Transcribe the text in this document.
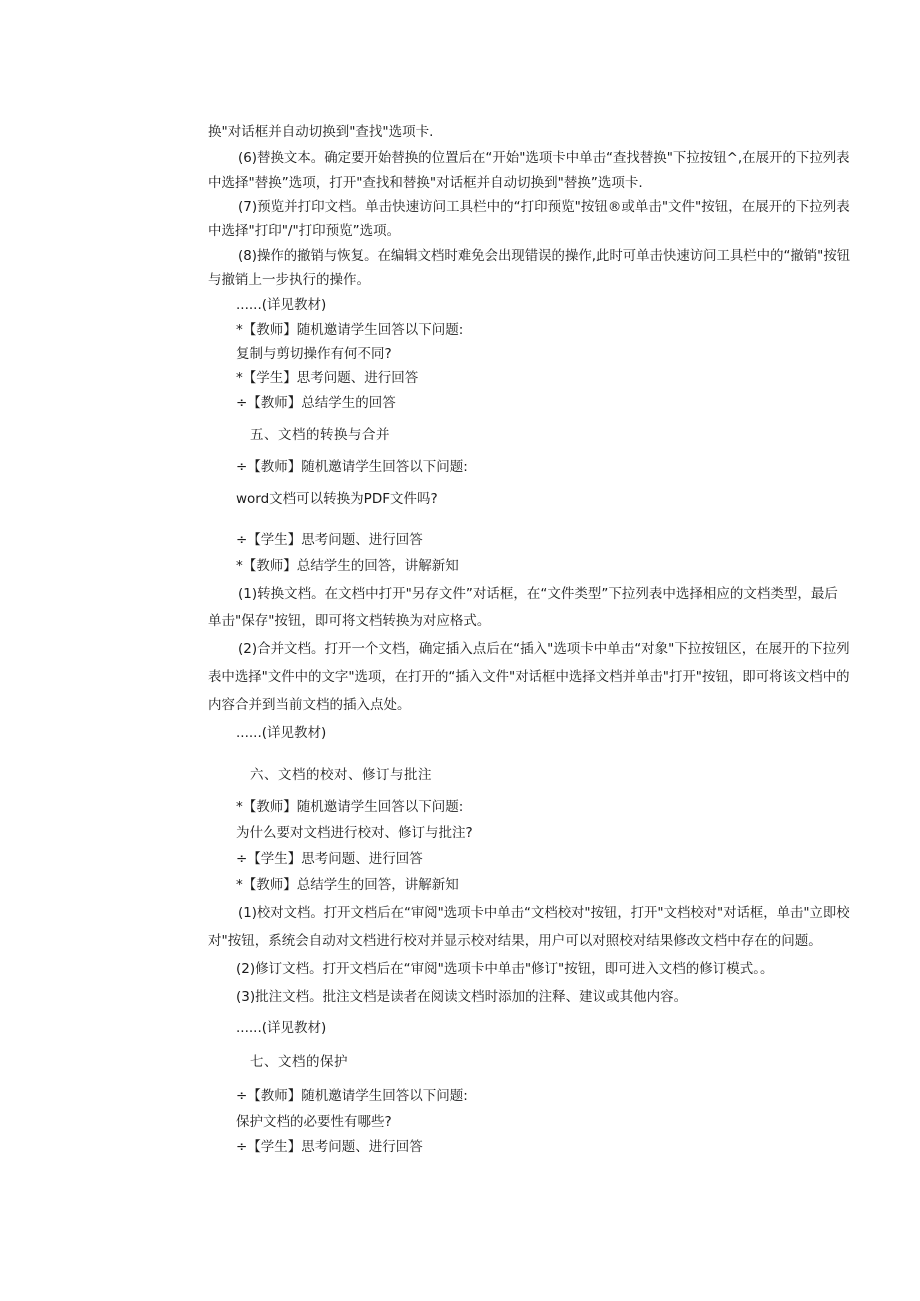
换"对话框并自动切换到"查找"选项卡.
(6)替换文本。确定要开始替换的位置后在“开始"选项卡中单击“查找替换"下拉按钮^,在展开的下拉列表
中选择"替换”选项，打开"查找和替换"对话框并自动切换到"替换”选项卡.
(7)预览并打印文档。单击快速访问工具栏中的“打印预览"按钮®或单击"文件"按钮，在展开的下拉列表
中选择"打印"/"打印预览”选项。
(8)操作的撤销与恢复。在编辑文档时难免会出现错误的操作,此时可单击快速访问工具栏中的“撤销"按钮
与撤销上一步执行的操作。
......(详见教材)
*【教师】随机邀请学生回答以下问题:
复制与剪切操作有何不同?
*【学生】思考问题、进行回答
÷【教师】总结学生的回答
五、文档的转换与合并
÷【教师】随机邀请学生回答以下问题:
word文档可以转换为PDF文件吗?
÷【学生】思考问题、进行回答
*【教师】总结学生的回答，讲解新知
(1)转换文档。在文档中打开"另存文件”对话框，在“文件类型”下拉列表中选择相应的文档类型，最后
单击"保存"按钮，即可将文档转换为对应格式。
(2)合并文档。打开一个文档，确定插入点后在“插入"选项卡中单击“对象"下拉按钮区，在展开的下拉列
表中选择"文件中的文字"选项，在打开的“插入文件"对话框中选择文档并单击"打开"按钮，即可将该文档中的
内容合并到当前文档的插入点处。
......(详见教材)
六、文档的校对、修订与批注
*【教师】随机邀请学生回答以下问题:
为什么要对文档进行校对、修订与批注?
÷【学生】思考问题、进行回答
*【教师】总结学生的回答，讲解新知
(1)校对文档。打开文档后在“审阅"选项卡中单击“文档校对"按钮，打开"文档校对"对话框，单击"立即校
对"按钮，系统会自动对文档进行校对并显示校对结果，用户可以对照校对结果修改文档中存在的问题。
(2)修订文档。打开文档后在“审阅"选项卡中单击"修订"按钮，即可进入文档的修订模式。。
(3)批注文档。批注文档是读者在阅读文档时添加的注释、建议或其他内容。
......(详见教材)
七、文档的保护
÷【教师】随机邀请学生回答以下问题:
保护文档的必要性有哪些?
÷【学生】思考问题、进行回答
